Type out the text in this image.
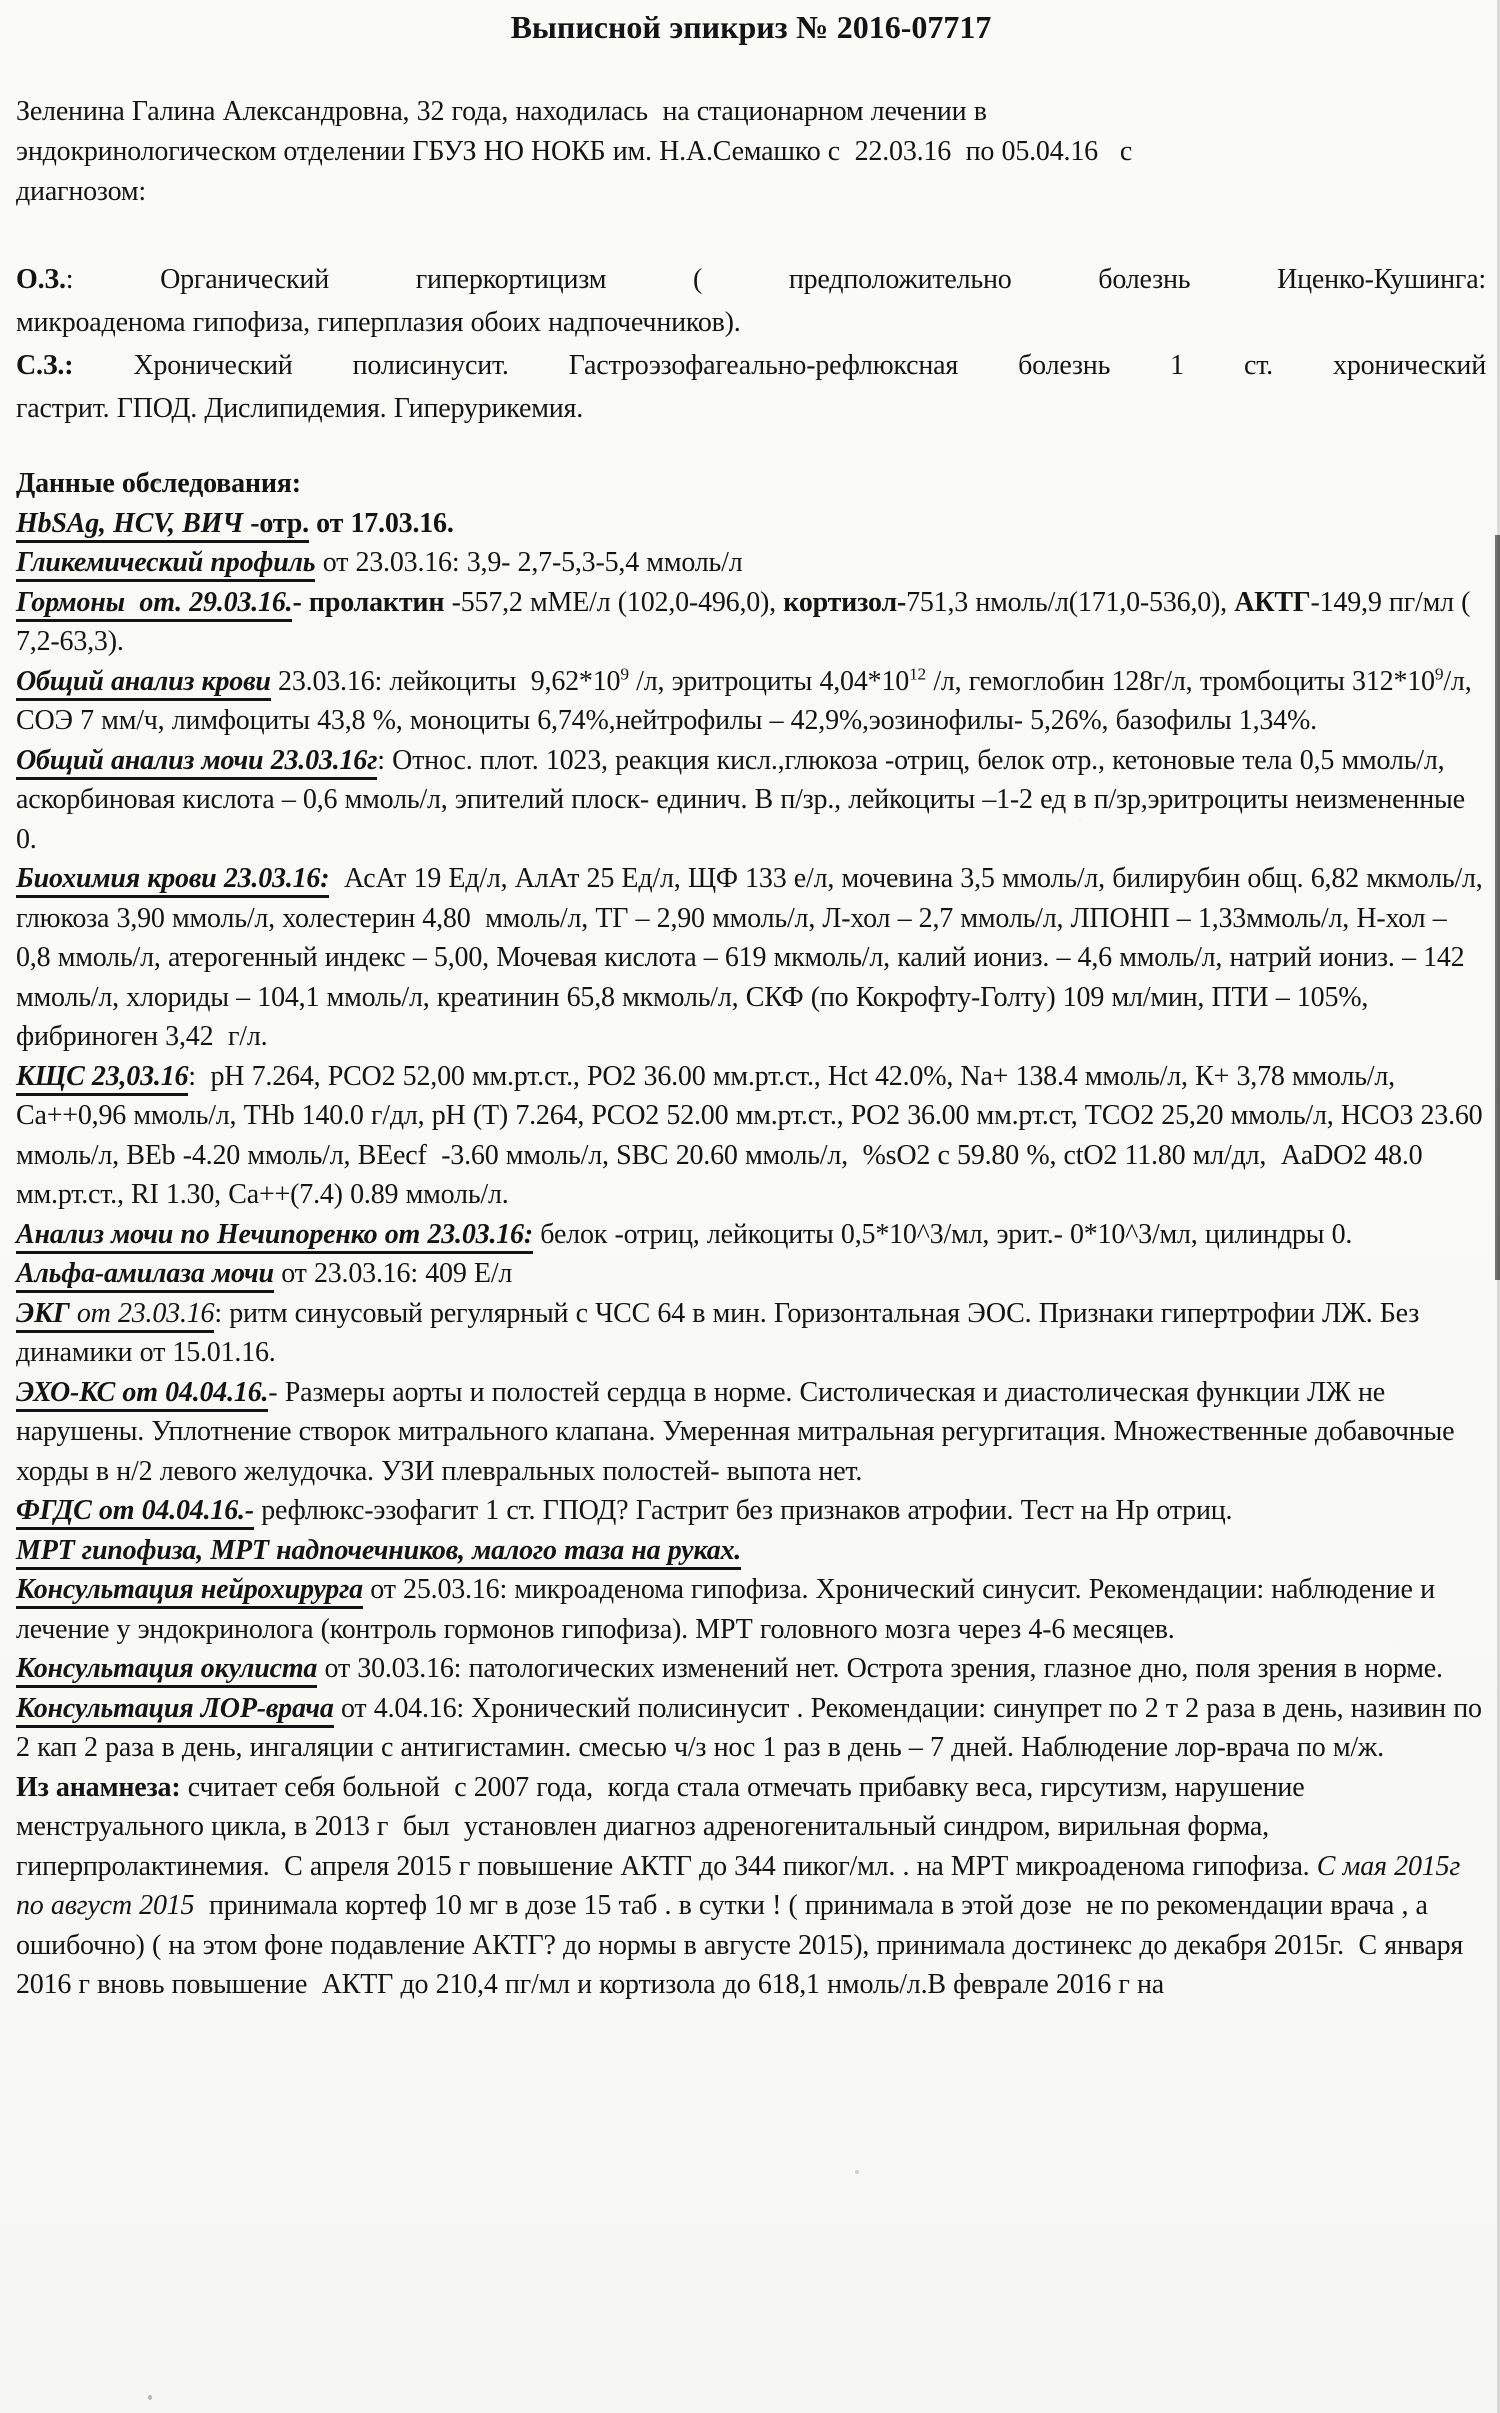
Выписной эпикриз № 2016-07717
Зеленина Галина Александровна, 32 года, находилась  на стационарном лечении в
эндокринологическом отделении ГБУЗ НО НОКБ им. Н.А.Семашко с  22.03.16  по 05.04.16   с
диагнозом:
О.З.: Органический гиперкортицизм ( предположительно болезнь Иценко-Кушинга:
микроаденома гипофиза, гиперплазия обоих надпочечников).
С.З.: Хронический полисинусит. Гастроэзофагеально-рефлюксная болезнь 1 ст. хронический
гастрит. ГПОД. Дислипидемия. Гиперурикемия.
Данные обследования:
HbSAg, HCV, ВИЧ -отр. от 17.03.16.
Гликемический профиль от 23.03.16: 3,9- 2,7-5,3-5,4 ммоль/л
Гормоны  от. 29.03.16.- пролактин -557,2 мМЕ/л (102,0-496,0), кортизол-751,3 нмоль/л(171,0-536,0), АКТГ-149,9 пг/мл ( 7,2-63,3).
Общий анализ крови 23.03.16: лейкоциты  $9,62*10^9$ /л, эритроциты $4,04*10^{12}$ /л, гемоглобин 128г/л, тромбоциты $312*10^9/л$, СОЭ 7 мм/ч, лимфоциты 43,8 %, моноциты 6,74%,нейтрофилы – 42,9%,эозинофилы- 5,26%, базофилы 1,34%.
Общий анализ мочи 23.03.16г: Относ. плот. 1023, реакция кисл.,глюкоза -отриц, белок отр., кетоновые тела 0,5 ммоль/л, аскорбиновая кислота – 0,6 ммоль/л, эпителий плоск- единич. В п/зр., лейкоциты –1-2 ед в п/зр,эритроциты неизмененные 0.
Биохимия крови 23.03.16:  АсАт 19 Ед/л, АлАт 25 Ед/л, ЩФ 133 е/л, мочевина 3,5 ммоль/л, билирубин общ. 6,82 мкмоль/л, глюкоза 3,90 ммоль/л, холестерин 4,80  ммоль/л, ТГ – 2,90 ммоль/л, Л-хол – 2,7 ммоль/л, ЛПОНП – 1,33ммоль/л, Н-хол – 0,8 ммоль/л, атерогенный индекс – 5,00, Мочевая кислота – 619 мкмоль/л, калий иониз. – 4,6 ммоль/л, натрий иониз. – 142 ммоль/л, хлориды – 104,1 ммоль/л, креатинин 65,8 мкмоль/л, СКФ (по Кокрофту-Голту) 109 мл/мин, ПТИ – 105%, фибриноген 3,42  г/л.
КЩС 23,03.16:  pH 7.264, PCO2 52,00 мм.рт.ст., PO2 36.00 мм.рт.ст., Hct 42.0%, Na+ 138.4 ммоль/л, К+ 3,78 ммоль/л, Ca++0,96 ммоль/л, THb 140.0 г/дл, pH (T) 7.264, PCO2 52.00 мм.рт.ст., PO2 36.00 мм.рт.ст, TCO2 25,20 ммоль/л, HCO3 23.60 ммоль/л, BEb -4.20 ммоль/л, BEecf  -3.60 ммоль/л, SBC 20.60 ммоль/л,  %sO2 с 59.80 %, ctO2 11.80 мл/дл,  AaDO2 48.0 мм.рт.ст., RI 1.30, Ca++(7.4) 0.89 ммоль/л.
Анализ мочи по Нечипоренко от 23.03.16: белок -отриц, лейкоциты 0,5*10^3/мл, эрит.- 0*10^3/мл, цилиндры 0.
Альфа-амилаза мочи от 23.03.16: 409 Е/л
ЭКГ от 23.03.16: ритм синусовый регулярный с ЧСС 64 в мин. Горизонтальная ЭОС. Признаки гипертрофии ЛЖ. Без динамики от 15.01.16.
ЭХО-КС от 04.04.16.- Размеры аорты и полостей сердца в норме. Систолическая и диастолическая функции ЛЖ не нарушены. Уплотнение створок митрального клапана. Умеренная митральная регургитация. Множественные добавочные хорды в н/2 левого желудочка. УЗИ плевральных полостей- выпота нет.
ФГДС от 04.04.16.- рефлюкс-эзофагит 1 ст. ГПОД? Гастрит без признаков атрофии. Тест на Нр отриц.
МРТ гипофиза, МРТ надпочечников, малого таза на руках.
Консультация нейрохирурга от 25.03.16: микроаденома гипофиза. Хронический синусит. Рекомендации: наблюдение и лечение у эндокринолога (контроль гормонов гипофиза). МРТ головного мозга через 4-6 месяцев.
Консультация окулиста от 30.03.16: патологических изменений нет. Острота зрения, глазное дно, поля зрения в норме.
Консультация ЛОР-врача от 4.04.16: Хронический полисинусит . Рекомендации: синупрет по 2 т 2 раза в день, називин по 2 кап 2 раза в день, ингаляции с антигистамин. смесью ч/з нос 1 раз в день – 7 дней. Наблюдение лор-врача по м/ж.
Из анамнеза: считает себя больной  с 2007 года,  когда стала отмечать прибавку веса, гирсутизм, нарушение менструального цикла, в 2013 г  был  установлен диагноз адреногенитальный синдром, вирильная форма, гиперпролактинемия.  С апреля 2015 г повышение АКТГ до 344 пиког/мл. . на МРТ микроаденома гипофиза. С мая 2015г по август 2015  принимала кортеф 10 мг в дозе 15 таб . в сутки ! ( принимала в этой дозе  не по рекомендации врача , а ошибочно) ( на этом фоне подавление АКТГ? до нормы в августе 2015), принимала достинекс до декабря 2015г.  С января 2016 г вновь повышение  АКТГ до 210,4 пг/мл и кортизола до 618,1 нмоль/л.В феврале 2016 г на
